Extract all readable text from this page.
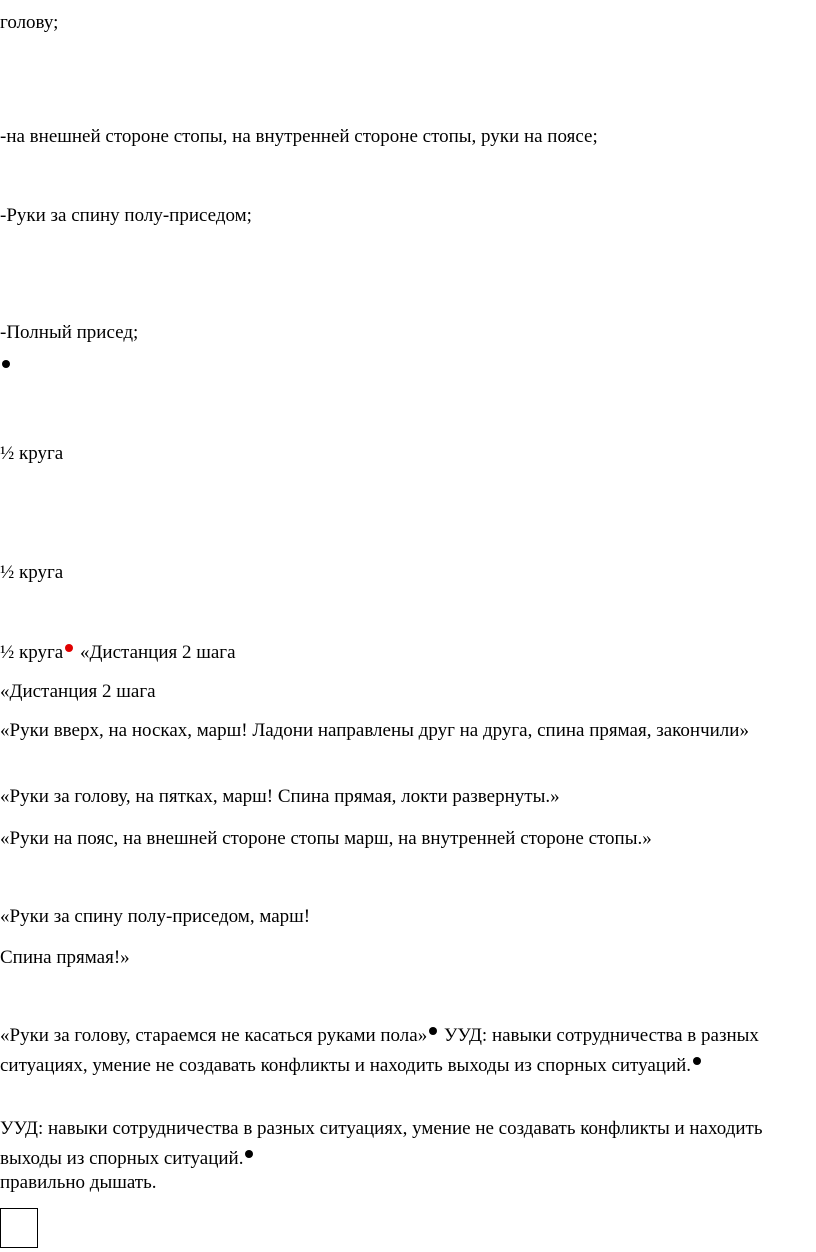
голову;
-на внешней стороне стопы, на внутренней стороне стопы, руки на поясе;
-Руки за спину полу-приседом;
-Полный присед;
½ круга
½ круга
½ круга «Дистанция 2 шага
«Дистанция 2 шага
«Руки вверх, на носках, марш! Ладони направлены друг на друга, спина прямая, закончили»
«Руки за голову, на пятках, марш! Спина прямая, локти развернуты.»
«Руки на пояс, на внешней стороне стопы марш, на внутренней стороне стопы.»
«Руки за спину полу-приседом, марш!
Спина прямая!»
«Руки за голову, стараемся не касаться руками пола» УУД: навыки сотрудничества в разных ситуациях, умение не создавать конфликты и находить выходы из спорных ситуаций.
УУД: навыки сотрудничества в разных ситуациях, умение не создавать конфликты и находить выходы из спорных ситуаций.
правильно дышать.
